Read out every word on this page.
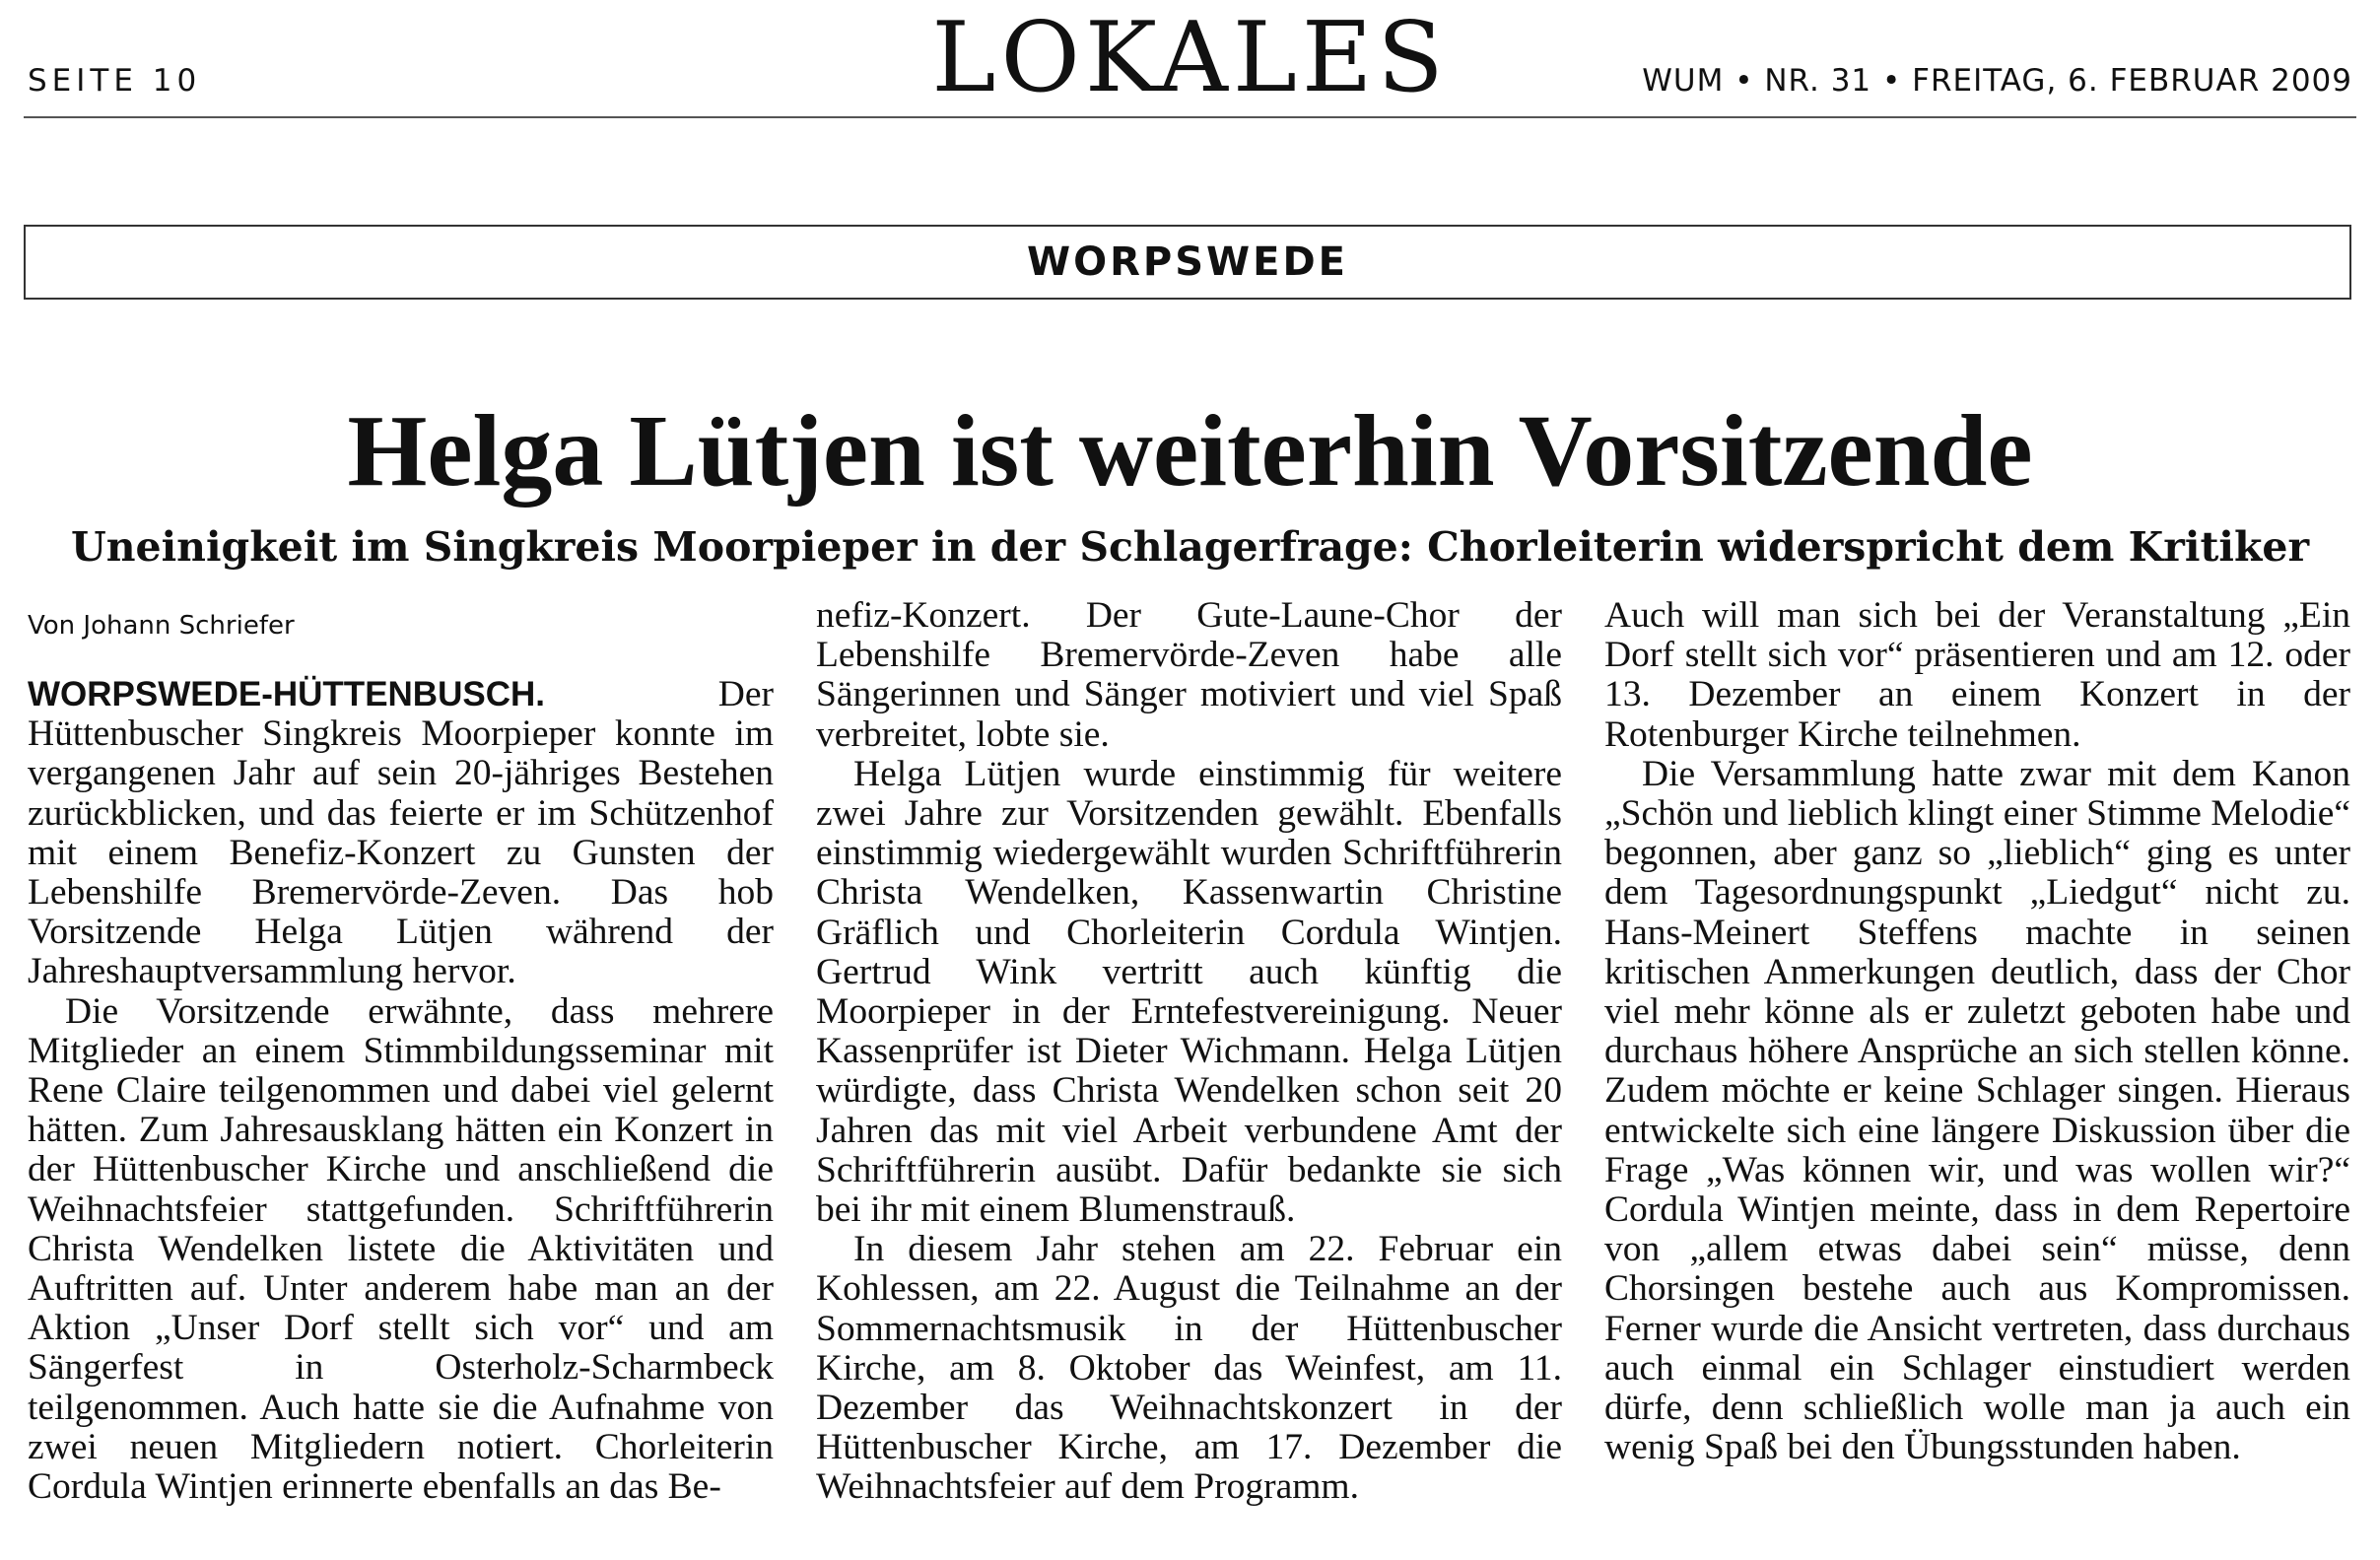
SEITE 10	LOKALES	WUM • NR. 31 • FREITAG, 6. FEBRUAR 2009
WORPSWEDE
Helga Lütjen ist weiterhin Vorsitzende
Uneinigkeit im Singkreis Moorpieper in der Schlagerfrage: Chorleiterin widerspricht dem Kritiker
Von Johann Schriefer

WORPSWEDE-HÜTTENBUSCH.	Der Hüttenbuscher Singkreis Moorpieper konnte im vergangenen Jahr auf sein 20-jähriges Bestehen zurückblicken, und das feierte er im Schützenhof mit einem Benefiz-Konzert zu Gunsten der Lebenshilfe Bremervörde-Zeven. Das hob Vorsitzende Helga Lütjen während der Jahreshauptversammlung hervor.

Die Vorsitzende erwähnte, dass mehrere Mitglieder an einem Stimmbildungsseminar mit Rene Claire teilgenommen und dabei viel gelernt hätten. Zum Jahresausklang hätten ein Konzert in der Hüttenbuscher Kirche und anschließend die Weihnachtsfeier stattgefunden. Schriftführerin Christa Wendelken listete die Aktivitäten und Auftritten auf. Unter anderem habe man an der Aktion „Unser Dorf stellt sich vor“ und am Sängerfest in Osterholz-Scharmbeck teilgenommen. Auch hatte sie die Aufnahme von zwei neuen Mitgliedern notiert. Chorleiterin Cordula Wintjen erinnerte ebenfalls an das Be-

nefiz-Konzert. Der Gute-Laune-Chor der Lebenshilfe Bremervörde-Zeven habe alle Sängerinnen und Sänger motiviert und viel Spaß verbreitet, lobte sie.

Helga Lütjen wurde einstimmig für weitere zwei Jahre zur Vorsitzenden gewählt. Ebenfalls einstimmig wiedergewählt wurden Schriftführerin Christa Wendelken, Kassenwartin Christine Gräflich und Chorleiterin Cordula Wintjen. Gertrud Wink vertritt auch künftig die Moorpieper in der Erntefestvereinigung. Neuer Kassenprüfer ist Dieter Wichmann. Helga Lütjen würdigte, dass Christa Wendelken schon seit 20 Jahren das mit viel Arbeit verbundene Amt der Schriftführerin ausübt. Dafür bedankte sie sich bei ihr mit einem Blumenstrauß.

In diesem Jahr stehen am 22. Februar ein Kohlessen, am 22. August die Teilnahme an der Sommernachtsmusik in der Hüttenbuscher Kirche, am 8. Oktober das Weinfest, am 11. Dezember das Weihnachtskonzert in der Hüttenbuscher Kirche, am 17. Dezember die Weihnachtsfeier auf dem Programm.

Auch will man sich bei der Veranstaltung „Ein Dorf stellt sich vor“ präsentieren und am 12. oder 13. Dezember an einem Konzert in der Rotenburger Kirche teilnehmen.

Die Versammlung hatte zwar mit dem Kanon „Schön und lieblich klingt einer Stimme Melodie“ begonnen, aber ganz so „lieblich“ ging es unter dem Tagesordnungspunkt „Liedgut“ nicht zu. Hans-Meinert Steffens machte in seinen kritischen Anmerkungen deutlich, dass der Chor viel mehr könne als er zuletzt geboten habe und durchaus höhere Ansprüche an sich stellen könne. Zudem möchte er keine Schlager singen. Hieraus entwickelte sich eine längere Diskussion über die Frage „Was können wir, und was wollen wir?“ Cordula Wintjen meinte, dass in dem Repertoire von „allem etwas dabei sein“ müsse, denn Chorsingen bestehe auch aus Kompromissen. Ferner wurde die Ansicht vertreten, dass durchaus auch einmal ein Schlager einstudiert werden dürfe, denn schließlich wolle man ja auch ein wenig Spaß bei den Übungsstunden haben.
